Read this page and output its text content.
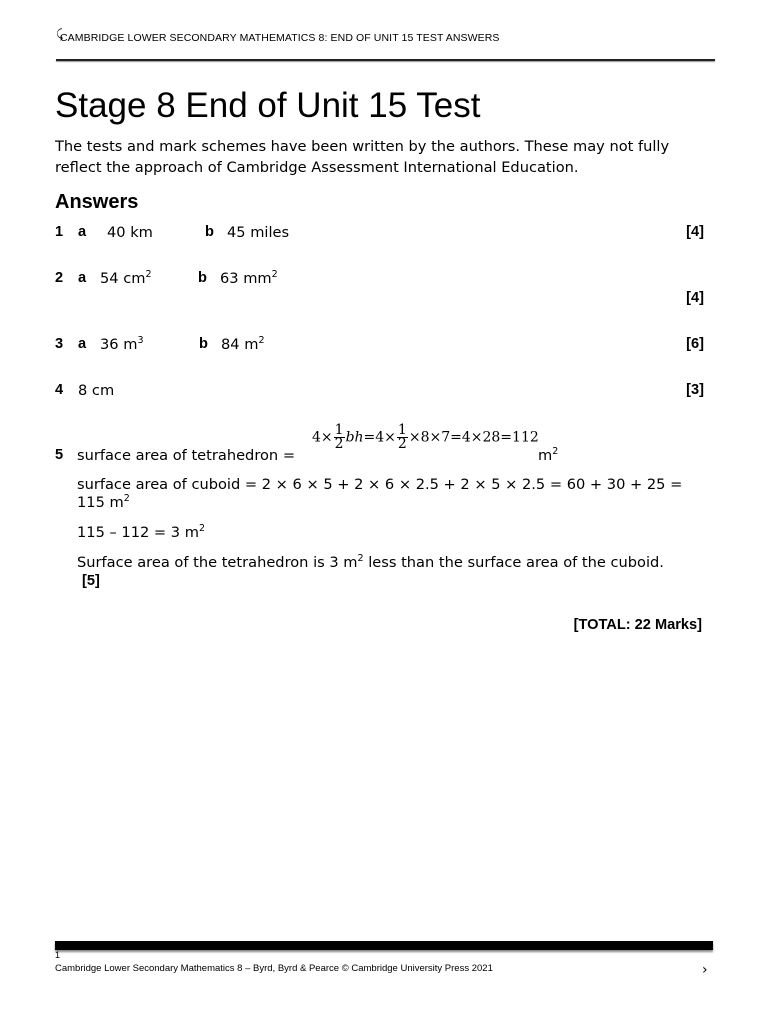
⤹
CAMBRIDGE LOWER SECONDARY MATHEMATICS 8: END OF UNIT 15 TEST ANSWERS
Stage 8 End of Unit 15 Test

The tests and mark schemes have been written by the authors. These may not fully reflect the approach of Cambridge Assessment International Education.

Answers
1 a 40 km	b 45 miles	[4]
2 a 54 $cm^2$	b 63 $mm^2$
[4]
3 a 36 $m^3$	b 84 $m^2$	[6]
4 8 cm	[3]
5 surface area of tetrahedron =
$4\times \frac{1}{2} bh=4\times \frac{1}{2} \times 8\times 7=4\times 28=112$
$m^2$

surface area of cuboid = 2 × 6 × 5 + 2 × 6 × 2.5 + 2 × 5 × 2.5 = 60 + 30 + 25 = 115 $m^2$

115 – 112 = 3 $m^2$

Surface area of the tetrahedron is 3 $m^2$ less than the surface area of the cuboid.
[5]

[TOTAL: 22 Marks]
1
Cambridge Lower Secondary Mathematics 8 – Byrd, Byrd & Pearce © Cambridge University Press 2021	›
